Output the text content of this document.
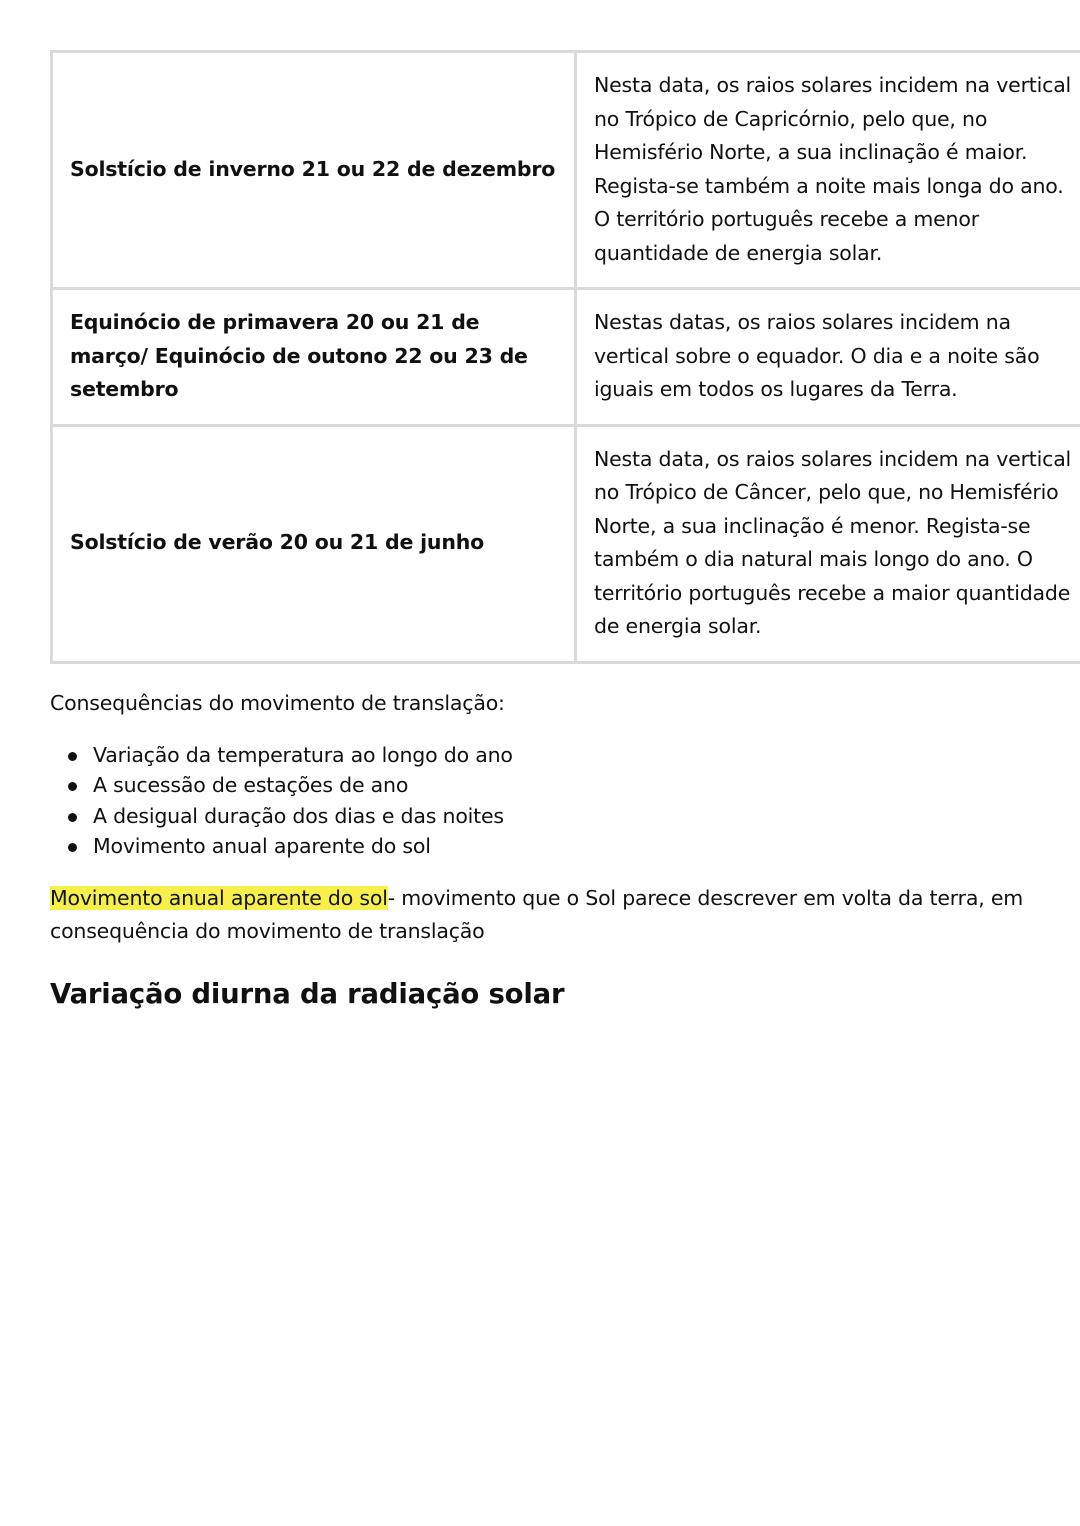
Solstício de inverno 21 ou 22 de dezembro	Nesta data, os raios solares incidem na vertical no Trópico de Capricórnio, pelo que, no Hemisfério Norte, a sua inclinação é maior. Regista-se também a noite mais longa do ano. O território português recebe a menor quantidade de energia solar.
Equinócio de primavera 20 ou 21 de março/ Equinócio de outono 22 ou 23 de setembro	Nestas datas, os raios solares incidem na vertical sobre o equador. O dia e a noite são iguais em todos os lugares da Terra.
Solstício de verão 20 ou 21 de junho	Nesta data, os raios solares incidem na vertical no Trópico de Câncer, pelo que, no Hemisfério Norte, a sua inclinação é menor. Regista-se também o dia natural mais longo do ano. O território português recebe a maior quantidade de energia solar.

Consequências do movimento de translação:

Variação da temperatura ao longo do ano
A sucessão de estações de ano
A desigual duração dos dias e das noites
Movimento anual aparente do sol

Movimento anual aparente do sol- movimento que o Sol parece descrever em volta da terra, em consequência do movimento de translação

Variação diurna da radiação solar
